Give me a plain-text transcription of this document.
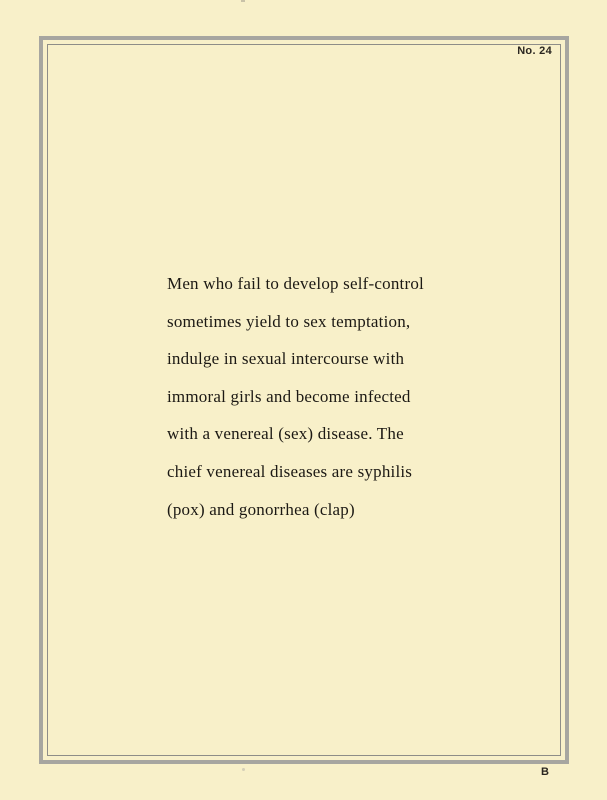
No. 24
Men who fail to develop self-control
sometimes yield to sex temptation,
indulge in sexual intercourse with
immoral girls and become infected
with a venereal (sex) disease. The
chief venereal diseases are syphilis
(pox) and gonorrhea (clap)
B
